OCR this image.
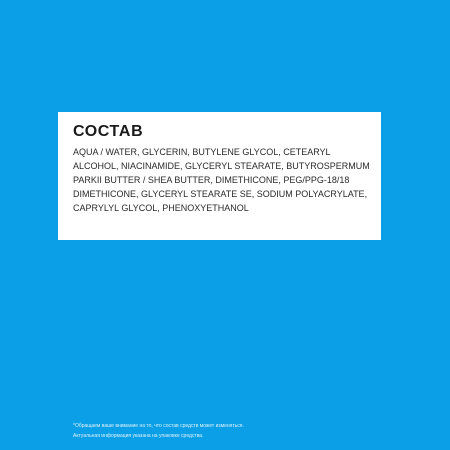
СОСТАВ
AQUA / WATER, GLYCERIN, BUTYLENE GLYCOL, CETEARYL
ALCOHOL, NIACINAMIDE, GLYCERYL STEARATE, BUTYROSPERMUM
PARKII BUTTER / SHEA BUTTER, DIMETHICONE, PEG/PPG-18/18
DIMETHICONE, GLYCERYL STEARATE SE, SODIUM POLYACRYLATE,
CAPRYLYL GLYCOL, PHENOXYETHANOL
*Обращаем ваше внимание на то, что состав средств может изменяться.
Актуальная информация указана на упаковке средства.
